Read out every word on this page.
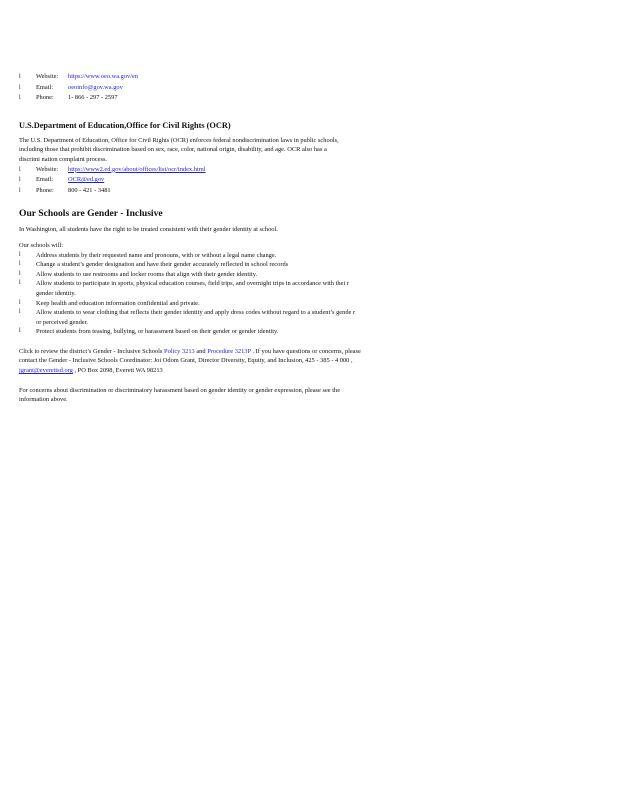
l	Website:	https://www.oeo.wa.gov/en
l	Email:	oeoinfo@gov.wa.gov
l	Phone:	1- 866 - 297 - 2597
U.S.Department of Education,Office for Civil Rights (OCR)
The U.S. Department of Education, Office for Civil Rights (OCR) enforces federal nondiscrimination laws in public schools,
including those that prohibit discrimination based on sex, race, color, national origin, disability, and age. OCR also has a
discrimi nation complaint process.
l	Website:	https://www2.ed.gov/about/offices/list/ocr/index.html
l	Email:	OCR@ed.gov
l	Phone:	800 - 421 - 3481
Our Schools are Gender - Inclusive
In Washington, all students have the right to be treated consistent with their gender identity at school.
Our schools will:
l	Address students by their requested name and pronouns, with or without a legal name change.
l	Change a student’s gender designation and have their gender accurately reflected in school records
l	Allow students to use restrooms and locker rooms that align with their gender identity.
l	Allow students to participate in sports, physical education courses, field trips, and overnight trips in accordance with thei r
gender identity.
l	Keep health and education information confidential and private.
l	Allow students to wear clothing that reflects their gender identity and apply dress codes without regard to a student’s gende r
or perceived gender.
l	Protect students from teasing, bullying, or harassment based on their gender or gender identity.
Click to review the district’s Gender - Inclusive Schools Policy 3213 and Procedure 3213P . If you have questions or concerns, please
contact the Gender - Inclusive Schools Coordinator: Joi Odom Grant, Director Diversity, Equity, and Inclusion, 425 - 385 - 4 000 ,
jgrant@everettsd.org , PO Box 2098, Everett WA 98213
For concerns about discrimination or discriminatory harassment based on gender identity or gender expression, please see the
information above.
